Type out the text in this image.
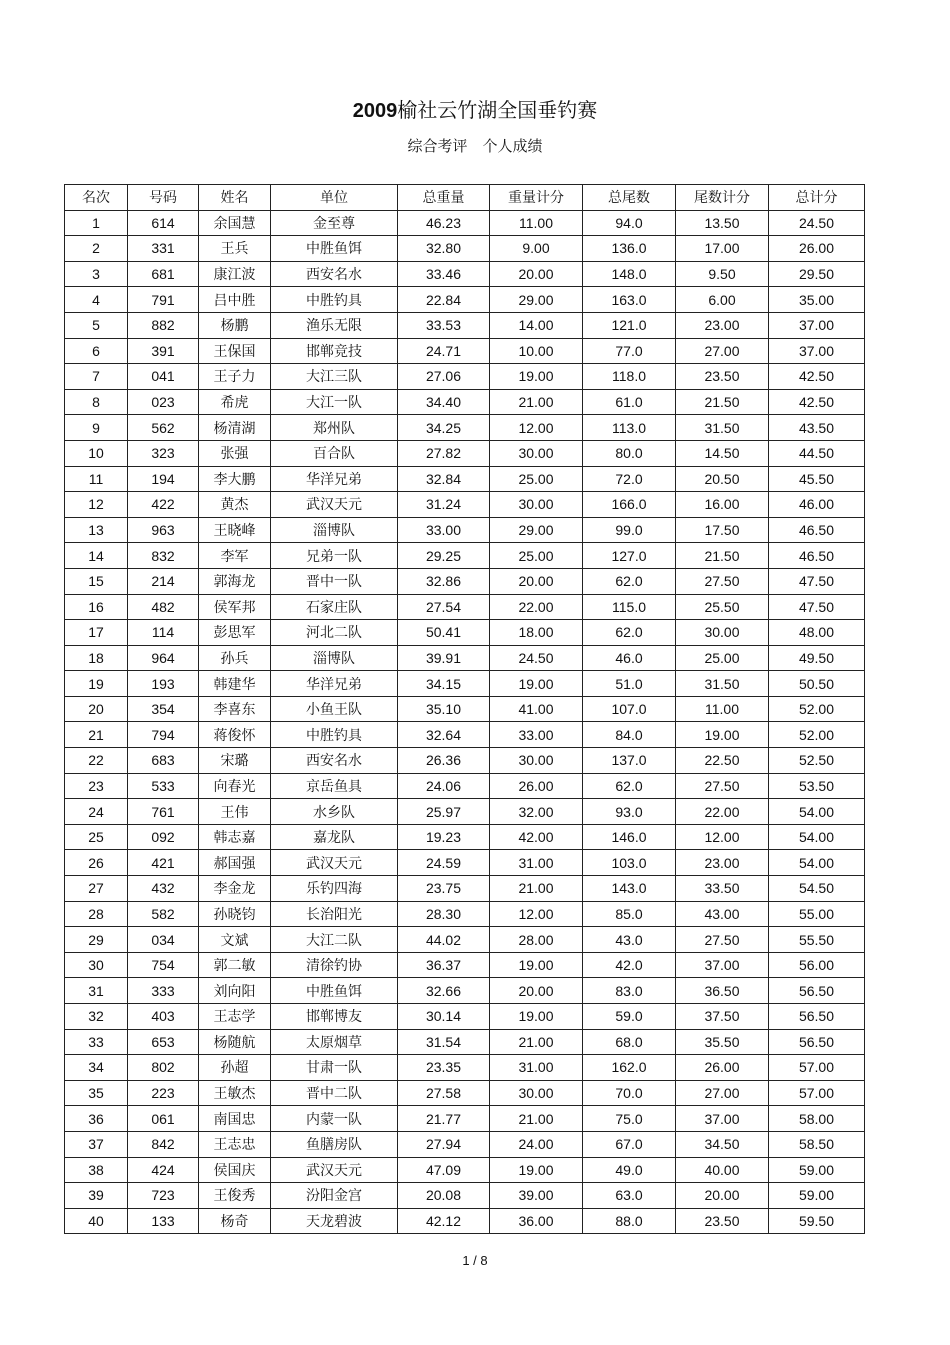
2009榆社云竹湖全国垂钓赛
综合考评　个人成绩
名次	号码	姓名	单位	总重量	重量计分	总尾数	尾数计分	总计分
1	614	余国慧	金至尊	46.23	11.00	94.0	13.50	24.50
2	331	王兵	中胜鱼饵	32.80	9.00	136.0	17.00	26.00
3	681	康江波	西安名水	33.46	20.00	148.0	9.50	29.50
4	791	吕中胜	中胜钓具	22.84	29.00	163.0	6.00	35.00
5	882	杨鹏	渔乐无限	33.53	14.00	121.0	23.00	37.00
6	391	王保国	邯郸竞技	24.71	10.00	77.0	27.00	37.00
7	041	王子力	大江三队	27.06	19.00	118.0	23.50	42.50
8	023	希虎	大江一队	34.40	21.00	61.0	21.50	42.50
9	562	杨清湖	郑州队	34.25	12.00	113.0	31.50	43.50
10	323	张强	百合队	27.82	30.00	80.0	14.50	44.50
11	194	李大鹏	华洋兄弟	32.84	25.00	72.0	20.50	45.50
12	422	黄杰	武汉天元	31.24	30.00	166.0	16.00	46.00
13	963	王晓峰	淄博队	33.00	29.00	99.0	17.50	46.50
14	832	李军	兄弟一队	29.25	25.00	127.0	21.50	46.50
15	214	郭海龙	晋中一队	32.86	20.00	62.0	27.50	47.50
16	482	侯军邦	石家庄队	27.54	22.00	115.0	25.50	47.50
17	114	彭思军	河北二队	50.41	18.00	62.0	30.00	48.00
18	964	孙兵	淄博队	39.91	24.50	46.0	25.00	49.50
19	193	韩建华	华洋兄弟	34.15	19.00	51.0	31.50	50.50
20	354	李喜东	小鱼王队	35.10	41.00	107.0	11.00	52.00
21	794	蒋俊怀	中胜钓具	32.64	33.00	84.0	19.00	52.00
22	683	宋璐	西安名水	26.36	30.00	137.0	22.50	52.50
23	533	向春光	京岳鱼具	24.06	26.00	62.0	27.50	53.50
24	761	王伟	水乡队	25.97	32.00	93.0	22.00	54.00
25	092	韩志嘉	嘉龙队	19.23	42.00	146.0	12.00	54.00
26	421	郝国强	武汉天元	24.59	31.00	103.0	23.00	54.00
27	432	李金龙	乐钓四海	23.75	21.00	143.0	33.50	54.50
28	582	孙晓钧	长治阳光	28.30	12.00	85.0	43.00	55.00
29	034	文斌	大江二队	44.02	28.00	43.0	27.50	55.50
30	754	郭二敏	清徐钓协	36.37	19.00	42.0	37.00	56.00
31	333	刘向阳	中胜鱼饵	32.66	20.00	83.0	36.50	56.50
32	403	王志学	邯郸博友	30.14	19.00	59.0	37.50	56.50
33	653	杨随航	太原烟草	31.54	21.00	68.0	35.50	56.50
34	802	孙超	甘肃一队	23.35	31.00	162.0	26.00	57.00
35	223	王敏杰	晋中二队	27.58	30.00	70.0	27.00	57.00
36	061	南国忠	内蒙一队	21.77	21.00	75.0	37.00	58.00
37	842	王志忠	鱼膳房队	27.94	24.00	67.0	34.50	58.50
38	424	侯国庆	武汉天元	47.09	19.00	49.0	40.00	59.00
39	723	王俊秀	汾阳金宫	20.08	39.00	63.0	20.00	59.00
40	133	杨奇	天龙碧波	42.12	36.00	88.0	23.50	59.50
1 / 8
